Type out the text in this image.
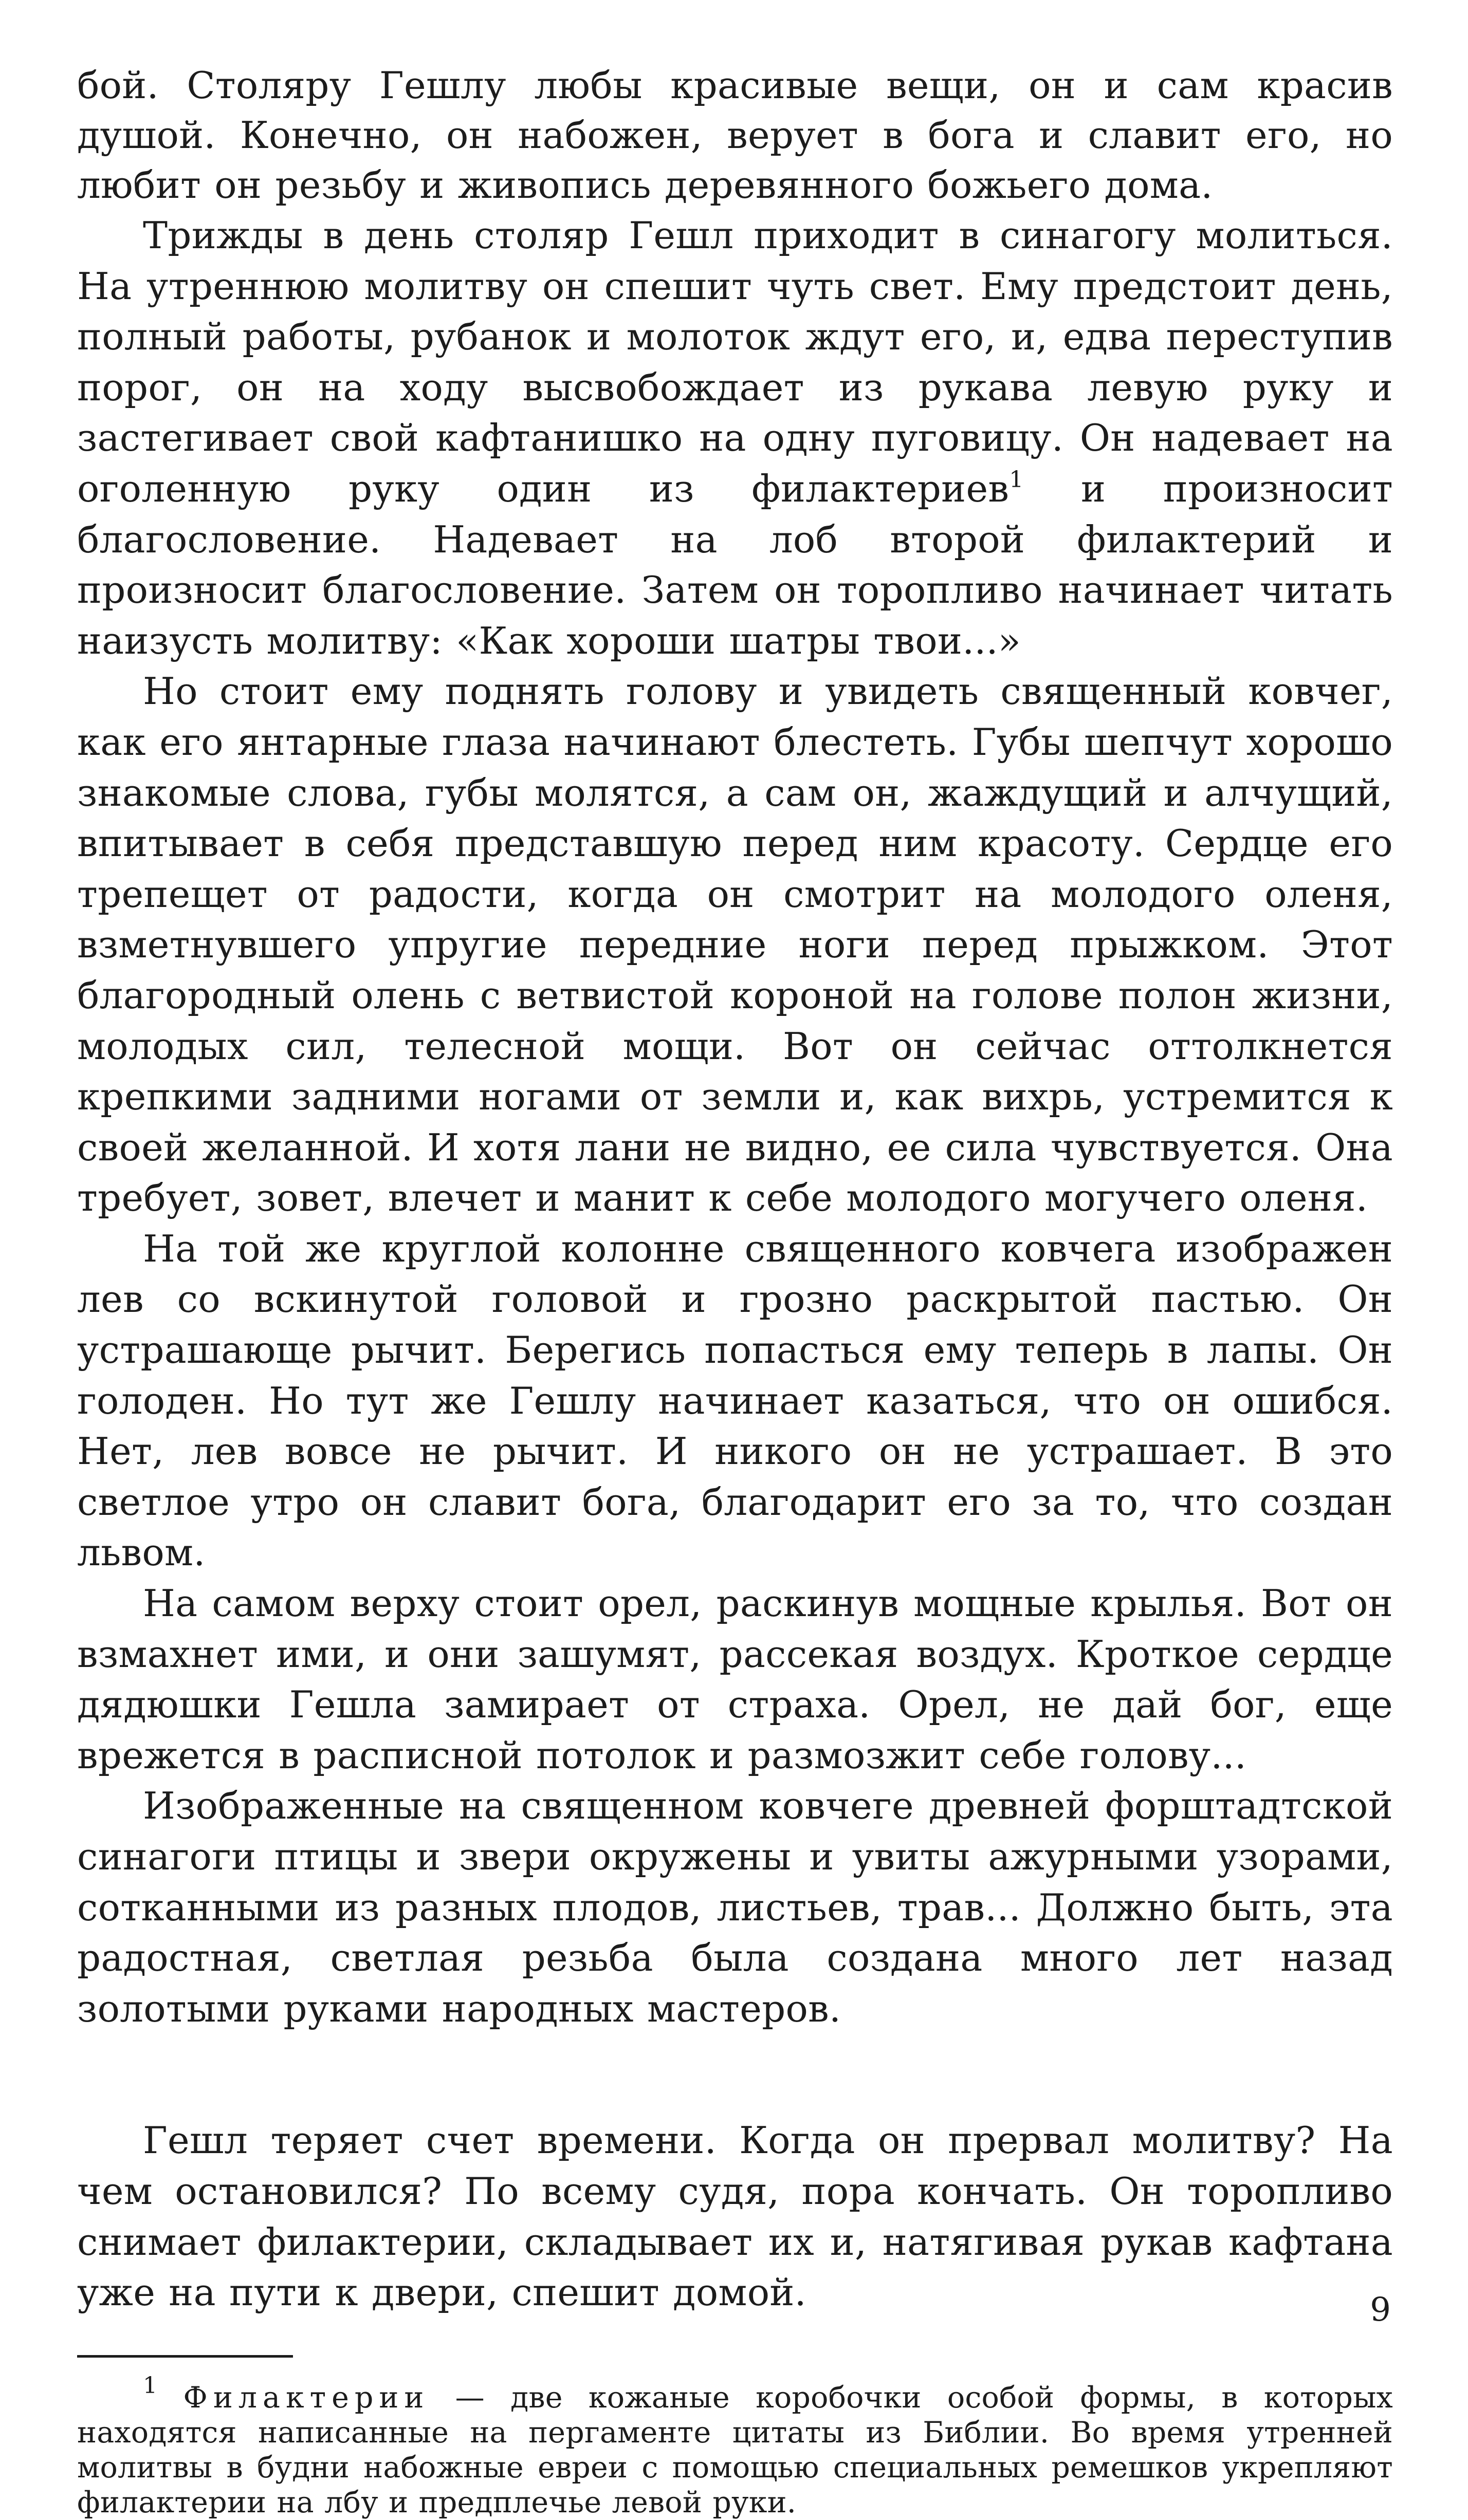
бой. Столяру Гешлу любы красивые вещи, он и сам красив душой. Конечно, он набожен, верует в бога и славит его, но любит он резьбу и живопись деревянного божьего дома.

Трижды в день столяр Гешл приходит в синагогу молиться. На утреннюю молитву он спешит чуть свет. Ему предстоит день, полный работы, рубанок и молоток ждут его, и, едва переступив порог, он на ходу высвобождает из рукава левую руку и застегивает свой кафтанишко на одну пуговицу. Он надевает на оголенную руку один из филактериев$^1$ и произносит благословение. Надевает на лоб второй филактерий и произносит благословение. Затем он торопливо начинает читать наизусть молитву: «Как хороши шатры твои...»

Но стоит ему поднять голову и увидеть священный ковчег, как его янтарные глаза начинают блестеть. Губы шепчут хорошо знакомые слова, губы молятся, а сам он, жаждущий и алчущий, впитывает в себя представшую перед ним красоту. Сердце его трепещет от радости, когда он смотрит на молодого оленя, взметнувшего упругие передние ноги перед прыжком. Этот благородный олень с ветвистой короной на голове полон жизни, молодых сил, телесной мощи. Вот он сейчас оттолкнется крепкими задними ногами от земли и, как вихрь, устремится к своей желанной. И хотя лани не видно, ее сила чувствуется. Она требует, зовет, влечет и манит к себе молодого могучего оленя.

На той же круглой колонне священного ковчега изображен лев со вскинутой головой и грозно раскрытой пастью. Он устрашающе рычит. Берегись попасться ему теперь в лапы. Он голоден. Но тут же Гешлу начинает казаться, что он ошибся. Нет, лев вовсе не рычит. И никого он не устрашает. В это светлое утро он славит бога, благодарит его за то, что создан львом.

На самом верху стоит орел, раскинув мощные крылья. Вот он взмахнет ими, и они зашумят, рассекая воздух. Кроткое сердце дядюшки Гешла замирает от страха. Орел, не дай бог, еще врежется в расписной потолок и размозжит себе голову...

Изображенные на священном ковчеге древней форштадтской синагоги птицы и звери окружены и увиты ажурными узорами, сотканными из разных плодов, листьев, трав... Должно быть, эта радостная, светлая резьба была создана много лет назад золотыми руками народных мастеров.

Гешл теряет счет времени. Когда он прервал молитву? На чем остановился? По всему судя, пора кончать. Он торопливо снимает филактерии, складывает их и, натягивая рукав кафтана уже на пути к двери, спешит домой.

$^1$ Филактерии — две кожаные коробочки особой формы, в которых находятся написанные на пергаменте цитаты из Библии. Во время утренней молитвы в будни набожные евреи с помощью специальных ремешков укрепляют филактерии на лбу и предплечье левой руки.

9
